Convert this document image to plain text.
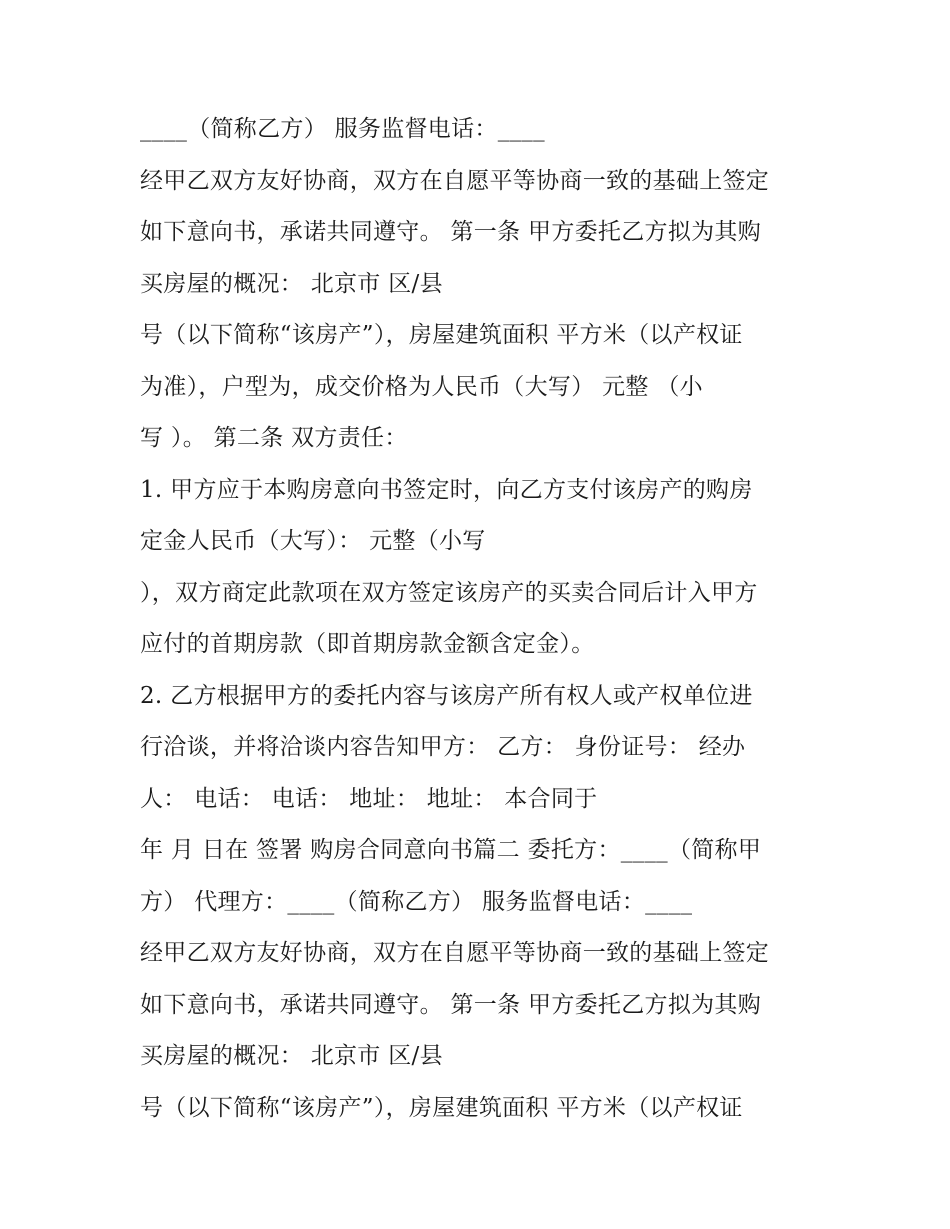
____（简称乙方） 服务监督电话：____
经甲乙双方友好协商，双方在自愿平等协商一致的基础上签定
如下意向书，承诺共同遵守。 第一条 甲方委托乙方拟为其购
买房屋的概况： 北京市 区/县
号（以下简称“该房产”），房屋建筑面积 平方米（以产权证
为准），户型为，成交价格为人民币（大写） 元整 （小
写 ）。 第二条 双方责任：
1. 甲方应于本购房意向书签定时，向乙方支付该房产的购房
定金人民币（大写）： 元整（小写
），双方商定此款项在双方签定该房产的买卖合同后计入甲方
应付的首期房款（即首期房款金额含定金）。
2. 乙方根据甲方的委托内容与该房产所有权人或产权单位进
行洽谈，并将洽谈内容告知甲方： 乙方： 身份证号： 经办
人： 电话： 电话： 地址： 地址： 本合同于
年 月 日在 签署 购房合同意向书篇二 委托方：____（简称甲
方） 代理方：____（简称乙方） 服务监督电话：____
经甲乙双方友好协商，双方在自愿平等协商一致的基础上签定
如下意向书，承诺共同遵守。 第一条 甲方委托乙方拟为其购
买房屋的概况： 北京市 区/县
号（以下简称“该房产”），房屋建筑面积 平方米（以产权证
